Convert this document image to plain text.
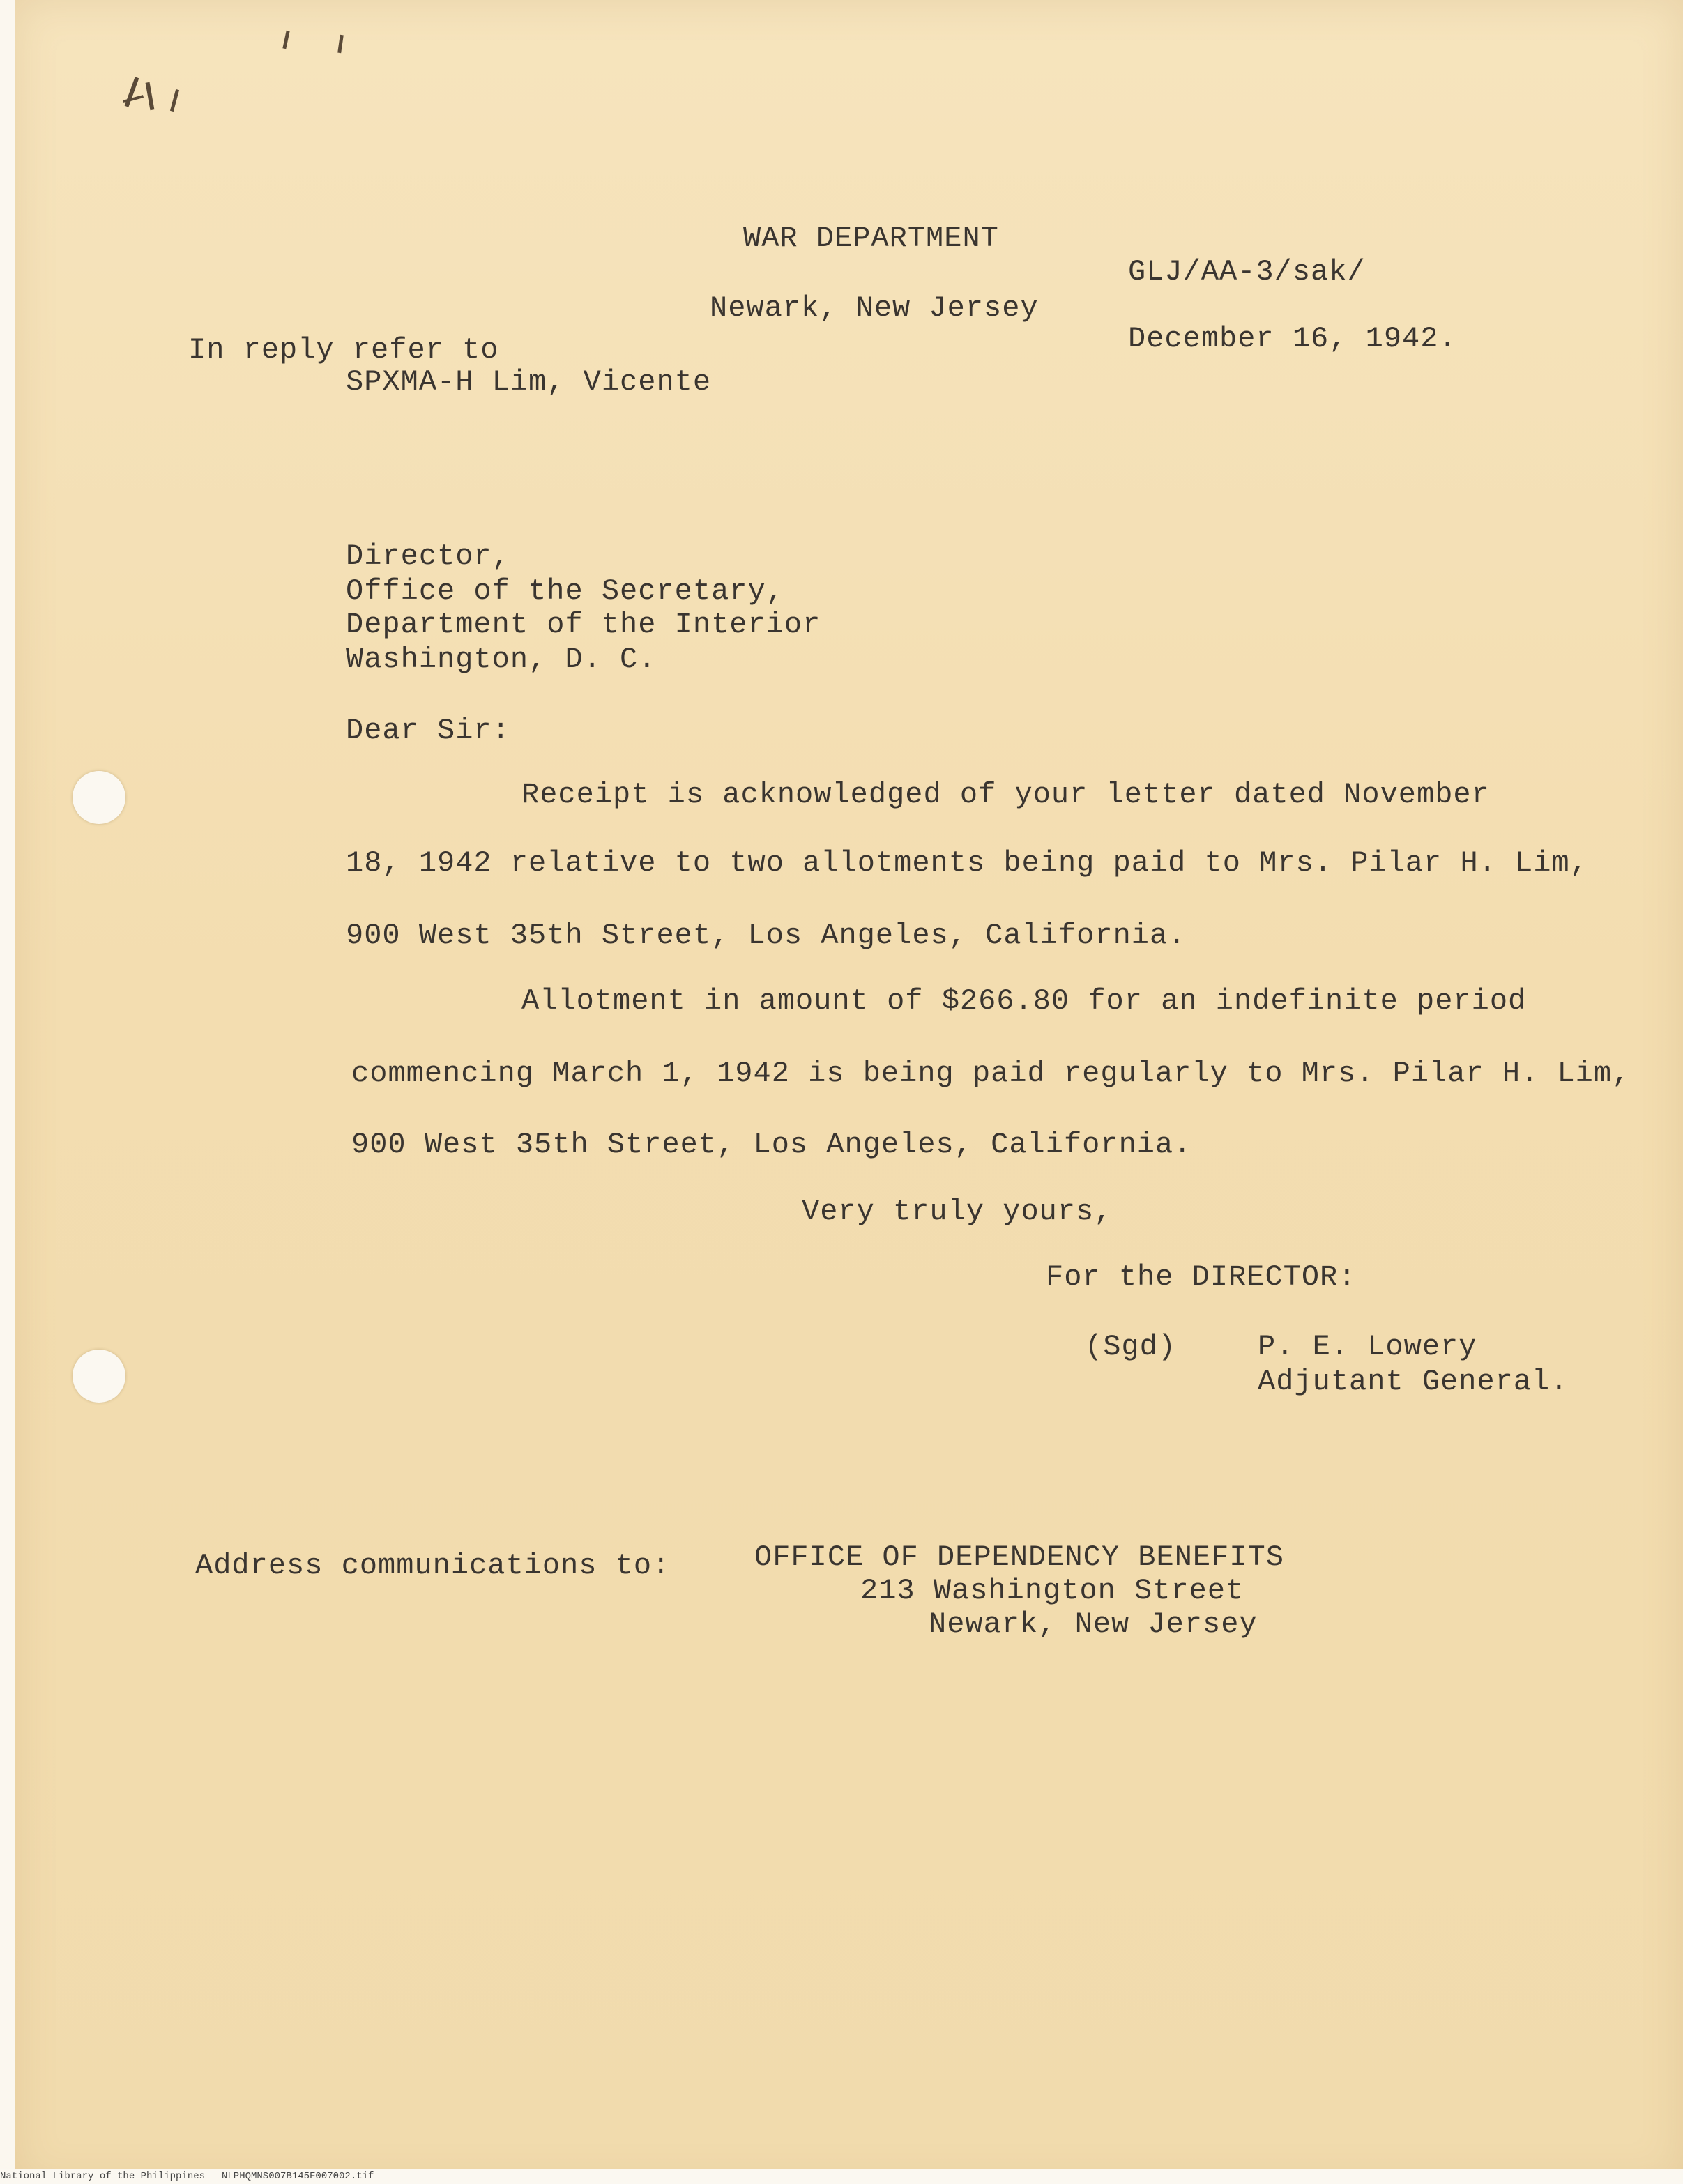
WAR DEPARTMENT
Newark, New Jersey
GLJ/AA-3/sak/
December 16, 1942.
In reply refer to
SPXMA-H Lim, Vicente
Director,
Office of the Secretary,
Department of the Interior
Washington, D. C.
Dear Sir:
Receipt is acknowledged of your letter dated November
18, 1942 relative to two allotments being paid to Mrs. Pilar H. Lim,
900 West 35th Street, Los Angeles, California.
Allotment in amount of $266.80 for an indefinite period
commencing March 1, 1942 is being paid regularly to Mrs. Pilar H. Lim,
900 West 35th Street, Los Angeles, California.
Very truly yours,
For the DIRECTOR:
(Sgd)	P. E. Lowery
Adjutant General.
Address communications to:	OFFICE OF DEPENDENCY BENEFITS
213 Washington Street
Newark, New Jersey
National Library of the Philippines NLPHQMNS007B145F007002.tif
